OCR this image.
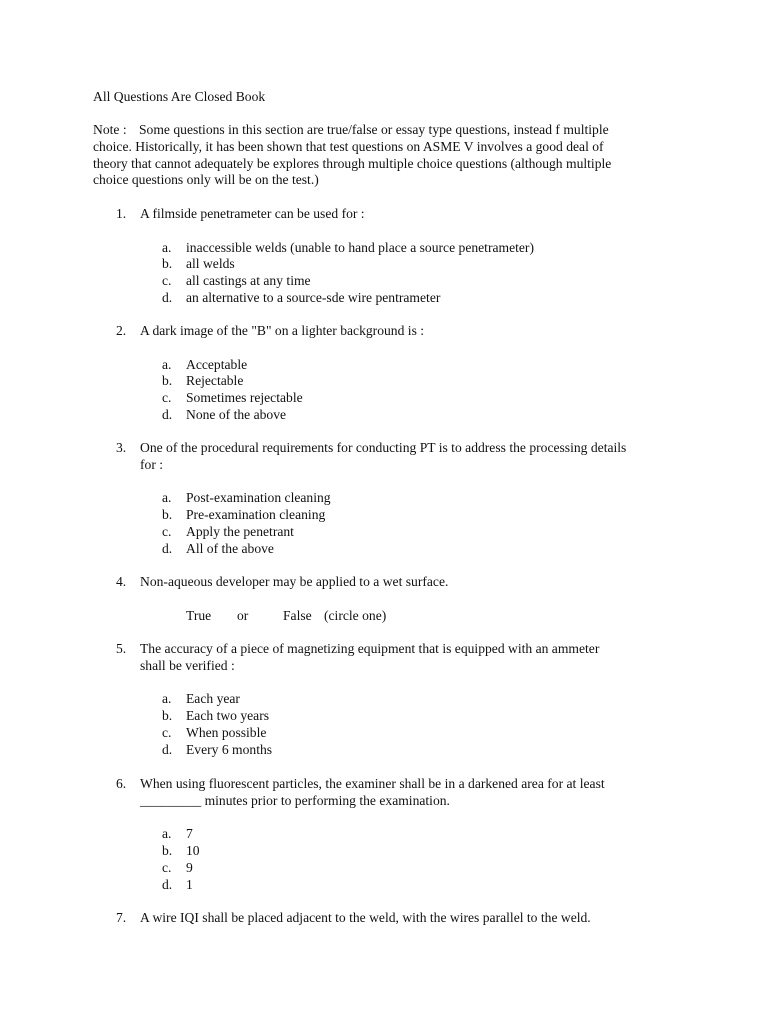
All Questions Are Closed Book
Note : Some questions in this section are true/false or essay type questions, instead f multiple
choice. Historically, it has been shown that test questions on ASME V involves a good deal of
theory that cannot adequately be explores through multiple choice questions (although multiple
choice questions only will be on the test.)
1.	A filmside penetrameter can be used for :
a. inaccessible welds (unable to hand place a source penetrameter)
b. all welds
c. all castings at any time
d. an alternative to a source-sde wire pentrameter
2.	A dark image of the "B" on a lighter background is :
a. Acceptable
b. Rejectable
c. Sometimes rejectable
d. None of the above
3.	One of the procedural requirements for conducting PT is to address the processing details
for :
a. Post-examination cleaning
b. Pre-examination cleaning
c. Apply the penetrant
d. All of the above
4.	Non-aqueous developer may be applied to a wet surface.
True or	False (circle one)
5.	The accuracy of a piece of magnetizing equipment that is equipped with an ammeter
shall be verified :
a. Each year
b. Each two years
c. When possible
d. Every 6 months
6.	When using fluorescent particles, the examiner shall be in a darkened area for at least
_________ minutes prior to performing the examination.
a. 7
b. 10
c. 9
d. 1
7.	A wire IQI shall be placed adjacent to the weld, with the wires parallel to the weld.
